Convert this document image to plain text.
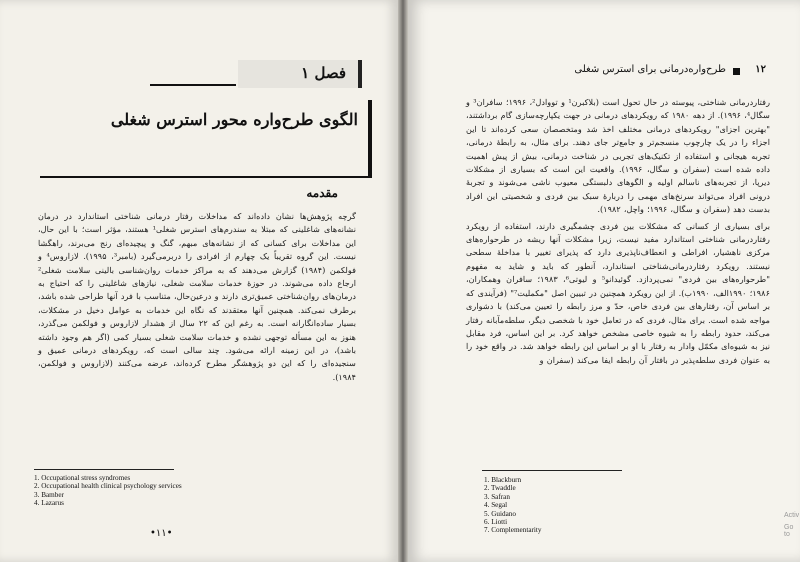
فصل ۱
الگوی طرح‌واره محور استرس شغلی
مقدمه
گرچه پژوهش‌ها نشان داده‌اند که مداخلات رفتار درمانی شناختی استاندارد در درمان نشانه‌های شاغلینی که مبتلا به سندرم‌های استرس شغلی¹ هستند، مؤثر است؛ با این حال، این مداخلات برای کسانی که از نشانه‌های مبهم، گنگ و پیچیده‌ای رنج می‌برند، راهگشا نیست. این گروه تقریباً یک چهارم از افرادی را دربرمی‌گیرد (بامبر³، ۱۹۹۵). لازاروس⁴ و فولکمن (۱۹۸۴) گزارش می‌دهند که به مراکز خدمات روان‌شناسی بالینی سلامت شغلی² ارجاع داده می‌شوند. در حوزهٔ خدمات سلامت شغلی، نیازهای شاغلینی را که احتیاج به درمان‌های روان‌شناختی عمیق‌تری دارند و درعین‌حال، متناسب با فرد آنها طراحی شده باشد، برطرف نمی‌کند. همچنین آنها معتقدند که نگاه این خدمات به عوامل دخیل در مشکلات، بسیار ساده‌انگارانه است. به رغم این که ۲۲ سال از هشدار لازاروس و فولکمن می‌گذرد، هنوز به این مسأله توجهی نشده و خدمات سلامت شغلی بسیار کمی (اگر هم وجود داشته باشد)، در این زمینه ارائه می‌شود. چند سالی است که، رویکردهای درمانی عمیق و سنجیده‌ای را که این دو پژوهشگر مطرح کرده‌اند، عرضه می‌کنند (لازاروس و فولکمن، ۱۹۸۴).
1. Occupational stress syndromes
2. Occupational health clinical psychology services
3. Bamber
4. Lazarus
•۱۱•
طرح‌واره‌درمانی برای استرس شغلی	۱۲
رفتاردرمانی شناختی، پیوسته در حال تحول است (بلاکبرن¹ و تووادل²، ۱۹۹۶؛ سافران³ و سگال⁴، ۱۹۹۶). از دهه ۱۹۸۰ که رویکردهای درمانی در جهت یکپارچه‌سازی گام برداشتند، "بهترین اجزای" رویکردهای درمانی مختلف اخذ شد ومتخصصان سعی کرده‌اند تا این اجزاء را در یک چارچوب منسجم‌تر و جامع‌تر جای دهند. برای مثال، به رابطهٔ درمانی، تجربه هیجانی و استفاده از تکنیک‌های تجربی در شناخت درمانی، بیش از پیش اهمیت داده شده است (سفران و سگال، ۱۹۹۶). واقعیت این است که بسیاری از مشکلات دیرپا، از تجربه‌های ناسالم اولیه و الگوهای دلبستگی معیوب ناشی می‌شوند و تجربهٔ درونی افراد می‌تواند سرنخ‌های مهمی را دربارهٔ سبک بین فردی و شخصیتی این افراد بدست دهد (سفران و سگال، ۱۹۹۶؛ واچل، ۱۹۸۲).
برای بسیاری از کسانی که مشکلات بین فردی چشمگیری دارند، استفاده از رویکرد رفتاردرمانی شناختی استاندارد مفید نیست، زیرا مشکلات آنها ریشه در طرحواره‌های مرکزی ناهشیار، افراطی و انعطاف‌ناپذیری دارد که پذیرای تغییر با مداخلهٔ سطحی نیستند. رویکرد رفتاردرمانی‌شناختی استاندارد، آنطور که باید و شاید به مفهوم "طرحواره‌های بین فردی" نمی‌پردازد. گوئیدانو⁵ و لیوتی⁶، ۱۹۸۳؛ سافران وهمکاران، ۱۹۸۶؛ ۱۹۹۰الف، ۱۹۹۰ب). از این رویکرد همچنین در تبیین اصل "مکملیت⁷" (فرآیندی که بر اساس آن، رفتارهای بین فردی خاص، حدّ و مرز رابطه را تعیین می‌کند) با دشواری مواجه شده است. برای مثال، فردی که در تعامل خود با شخصی دیگر، سلطه‌مآبانه رفتار می‌کند، حدود رابطه را به شیوه خاصی مشخص خواهد کرد. بر این اساس، فرد مقابل نیز به شیوه‌ای مکمّل وادار به رفتار با او بر اساس این رابطه خواهد شد. در واقع خود را به عنوان فردی سلطه‌پذیر در بافتار آن رابطه ایفا می‌کند (سفران و
1. Blackburn
2. Twaddle
3. Safran
4. Segal
5. Guidano
6. Liotti
7. Complementarity
Activ
Go to
